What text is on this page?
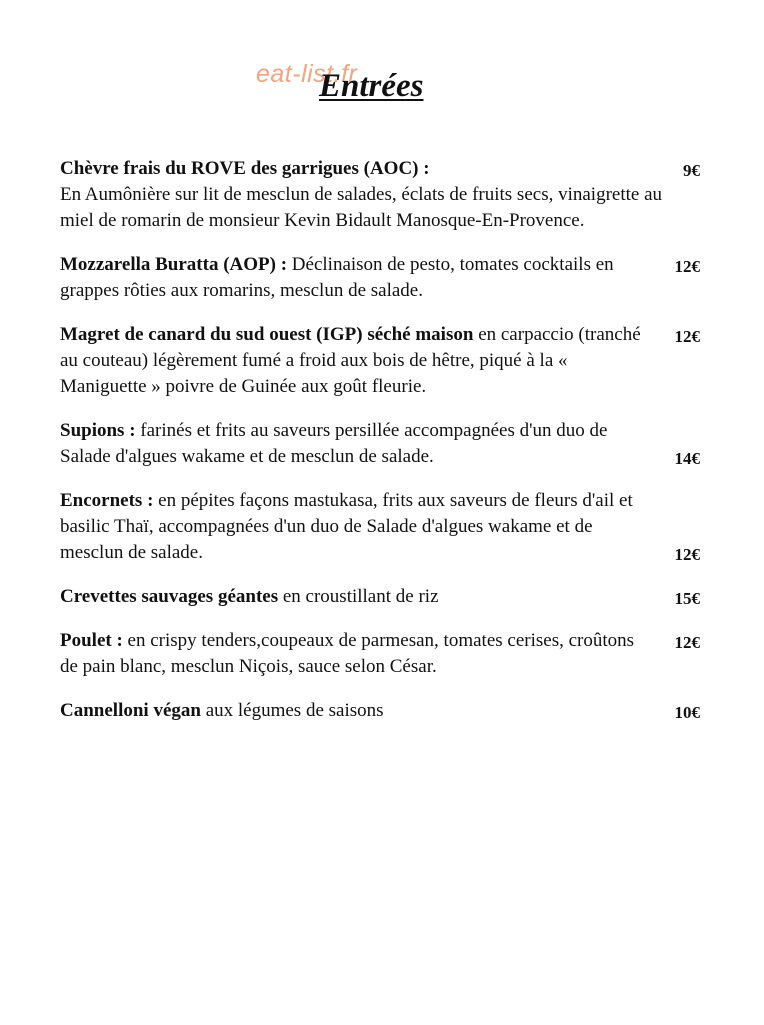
eat-list.fr
Entrées
9€
Chèvre frais du ROVE des garrigues (AOC) :
En Aumônière sur lit de mesclun de salades, éclats de fruits secs, vinaigrette au miel de romarin de monsieur Kevin Bidault Manosque-En-Provence.
12€
Mozzarella Buratta (AOP) : Déclinaison de pesto, tomates cocktails en grappes rôties aux romarins, mesclun de salade.
12€
Magret de canard du sud ouest (IGP) séché maison en carpaccio (tranché au couteau) légèrement fumé a froid aux bois de hêtre, piqué à la « Maniguette » poivre de Guinée aux goût fleurie.
14€
Supions : farinés et frits au saveurs persillée accompagnées d'un duo de Salade d'algues wakame et de mesclun de salade.
12€
Encornets : en pépites façons mastukasa, frits aux saveurs de fleurs d'ail et basilic Thaï, accompagnées d'un duo de Salade d'algues wakame et de mesclun de salade.
15€
Crevettes sauvages géantes en croustillant de riz
12€
Poulet : en crispy tenders,coupeaux de parmesan, tomates cerises, croûtons de pain blanc, mesclun Niçois, sauce selon César.
10€
Cannelloni végan aux légumes de saisons
